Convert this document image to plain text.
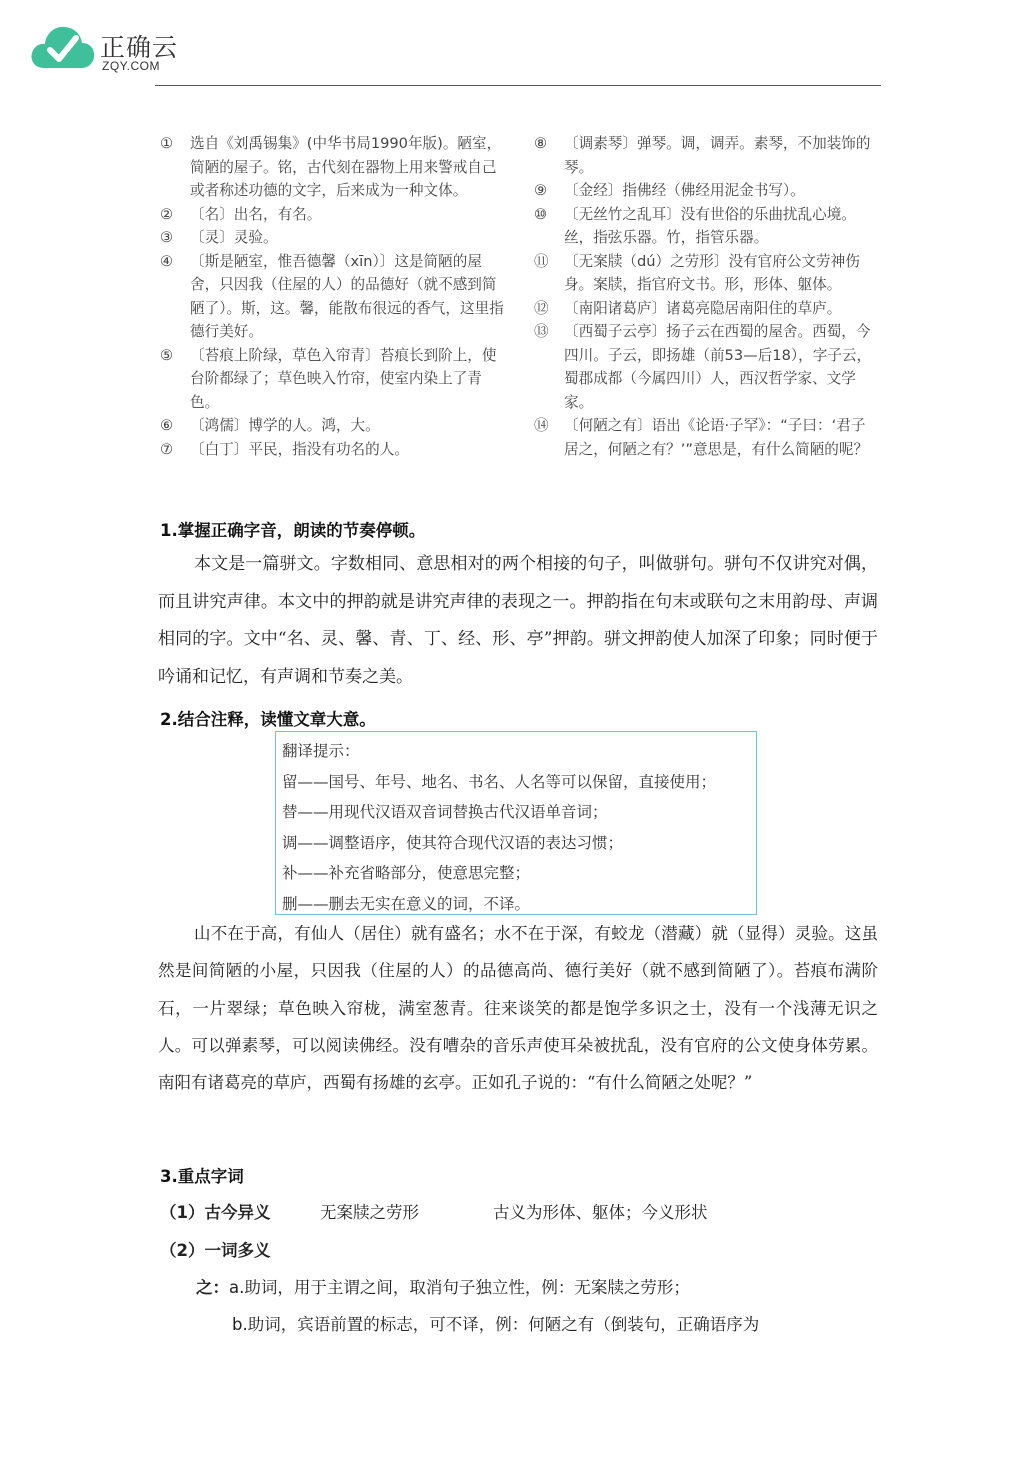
正确云
ZQY.COM
①	选自《刘禹锡集》(中华书局1990年版)。陋室，简陋的屋子。铭，古代刻在器物上用来警戒自己或者称述功德的文字，后来成为一种文体。
②	〔名〕出名，有名。
③	〔灵〕灵验。
④	〔斯是陋室，惟吾德馨（xīn）〕这是简陋的屋舍，只因我（住屋的人）的品德好（就不感到简陋了）。斯，这。馨，能散布很远的香气，这里指德行美好。
⑤	〔苔痕上阶绿，草色入帘青〕苔痕长到阶上，使台阶都绿了；草色映入竹帘，使室内染上了青色。
⑥	〔鸿儒〕博学的人。鸿，大。
⑦	〔白丁〕平民，指没有功名的人。
⑧	〔调素琴〕弹琴。调，调弄。素琴，不加装饰的琴。
⑨	〔金经〕指佛经（佛经用泥金书写）。
⑩	〔无丝竹之乱耳〕没有世俗的乐曲扰乱心境。丝，指弦乐器。竹，指管乐器。
⑪	〔无案牍（dú）之劳形〕没有官府公文劳神伤身。案牍，指官府文书。形，形体、躯体。
⑫	〔南阳诸葛庐〕诸葛亮隐居南阳住的草庐。
⑬	〔西蜀子云亭〕扬子云在西蜀的屋舍。西蜀，今四川。子云，即扬雄（前53—后18），字子云，蜀郡成都（今属四川）人，西汉哲学家、文学家。
⑭	〔何陋之有〕语出《论语·子罕》：“子曰：‘君子居之，何陋之有？’”意思是，有什么简陋的呢？
1.掌握正确字音，朗读的节奏停顿。
本文是一篇骈文。字数相同、意思相对的两个相接的句子，叫做骈句。骈句不仅讲究对偶，而且讲究声律。本文中的押韵就是讲究声律的表现之一。押韵指在句末或联句之末用韵母、声调相同的字。文中“名、灵、馨、青、丁、经、形、亭”押韵。骈文押韵使人加深了印象；同时便于吟诵和记忆，有声调和节奏之美。
2.结合注释，读懂文章大意。
翻译提示：
留——国号、年号、地名、书名、人名等可以保留，直接使用；
替——用现代汉语双音词替换古代汉语单音词；
调——调整语序，使其符合现代汉语的表达习惯；
补——补充省略部分，使意思完整；
删——删去无实在意义的词，不译。
山不在于高，有仙人（居住）就有盛名；水不在于深，有蛟龙（潜藏）就（显得）灵验。这虽然是间简陋的小屋，只因我（住屋的人）的品德高尚、德行美好（就不感到简陋了）。苔痕布满阶石，一片翠绿；草色映入帘栊，满室葱青。往来谈笑的都是饱学多识之士，没有一个浅薄无识之人。可以弹素琴，可以阅读佛经。没有嘈杂的音乐声使耳朵被扰乱，没有官府的公文使身体劳累。南阳有诸葛亮的草庐，西蜀有扬雄的玄亭。正如孔子说的：“有什么简陋之处呢？”
3.重点字词
（1）古今异义	无案牍之劳形	古义为形体、躯体；今义形状
（2）一词多义
之：a.助词，用于主谓之间，取消句子独立性，例：无案牍之劳形；
b.助词，宾语前置的标志，可不译，例：何陋之有（倒装句，正确语序为
